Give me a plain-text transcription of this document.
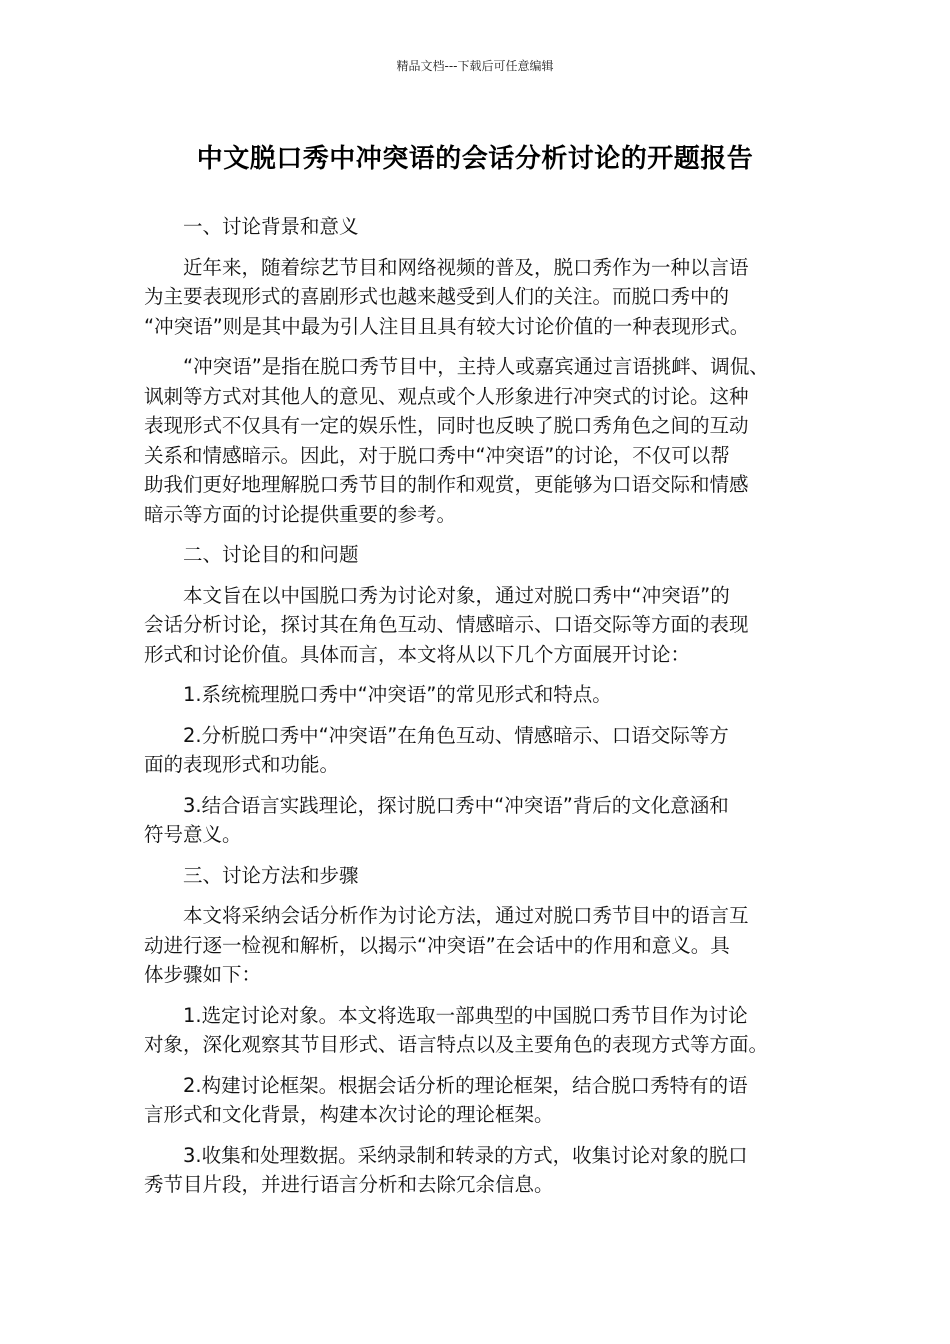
精品文档---下载后可任意编辑
中文脱口秀中冲突语的会话分析讨论的开题报告
一、讨论背景和意义
近年来，随着综艺节目和网络视频的普及，脱口秀作为一种以言语
为主要表现形式的喜剧形式也越来越受到人们的关注。而脱口秀中的
“冲突语”则是其中最为引人注目且具有较大讨论价值的一种表现形式。
“冲突语”是指在脱口秀节目中，主持人或嘉宾通过言语挑衅、调侃、
讽刺等方式对其他人的意见、观点或个人形象进行冲突式的讨论。这种
表现形式不仅具有一定的娱乐性，同时也反映了脱口秀角色之间的互动
关系和情感暗示。因此，对于脱口秀中“冲突语”的讨论，不仅可以帮
助我们更好地理解脱口秀节目的制作和观赏，更能够为口语交际和情感
暗示等方面的讨论提供重要的参考。
二、讨论目的和问题
本文旨在以中国脱口秀为讨论对象，通过对脱口秀中“冲突语”的
会话分析讨论，探讨其在角色互动、情感暗示、口语交际等方面的表现
形式和讨论价值。具体而言，本文将从以下几个方面展开讨论：
1.系统梳理脱口秀中“冲突语”的常见形式和特点。
2.分析脱口秀中“冲突语”在角色互动、情感暗示、口语交际等方
面的表现形式和功能。
3.结合语言实践理论，探讨脱口秀中“冲突语”背后的文化意涵和
符号意义。
三、讨论方法和步骤
本文将采纳会话分析作为讨论方法，通过对脱口秀节目中的语言互
动进行逐一检视和解析，以揭示“冲突语”在会话中的作用和意义。具
体步骤如下：
1.选定讨论对象。本文将选取一部典型的中国脱口秀节目作为讨论
对象，深化观察其节目形式、语言特点以及主要角色的表现方式等方面。
2.构建讨论框架。根据会话分析的理论框架，结合脱口秀特有的语
言形式和文化背景，构建本次讨论的理论框架。
3.收集和处理数据。采纳录制和转录的方式，收集讨论对象的脱口
秀节目片段，并进行语言分析和去除冗余信息。
